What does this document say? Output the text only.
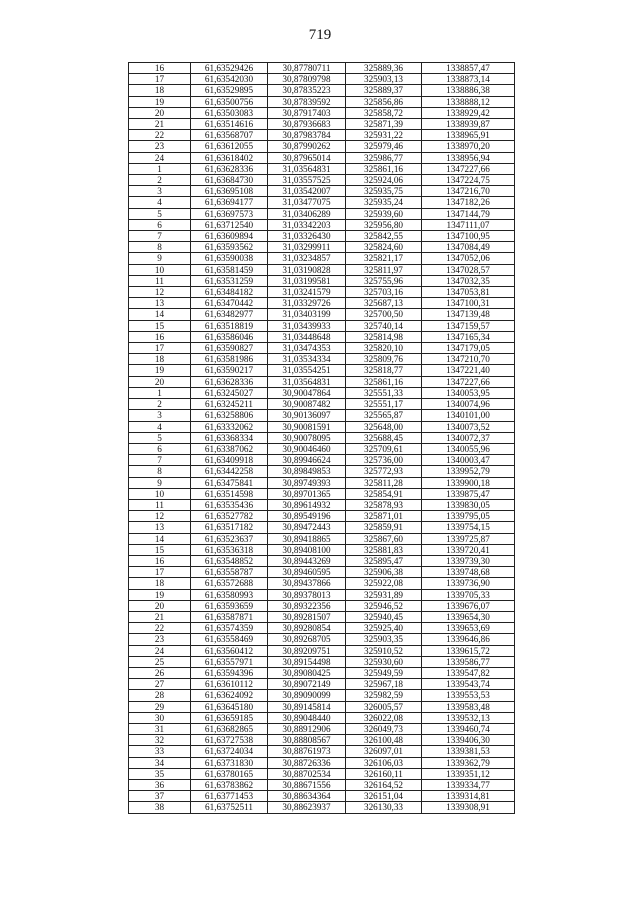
719
16	61,63529426	30,87780711	325889,36	1338857,47
17	61,63542030	30,87809798	325903,13	1338873,14
18	61,63529895	30,87835223	325889,37	1338886,38
19	61,63500756	30,87839592	325856,86	1338888,12
20	61,63503083	30,87917403	325858,72	1338929,42
21	61,63514616	30,87936683	325871,39	1338939,87
22	61,63568707	30,87983784	325931,22	1338965,91
23	61,63612055	30,87990262	325979,46	1338970,20
24	61,63618402	30,87965014	325986,77	1338956,94
1	61,63628336	31,03564831	325861,16	1347227,66
2	61,63684730	31,03557525	325924,06	1347224,75
3	61,63695108	31,03542007	325935,75	1347216,70
4	61,63694177	31,03477075	325935,24	1347182,26
5	61,63697573	31,03406289	325939,60	1347144,79
6	61,63712540	31,03342203	325956,80	1347111,07
7	61,63609894	31,03326430	325842,55	1347100,95
8	61,63593562	31,03299911	325824,60	1347084,49
9	61,63590038	31,03234857	325821,17	1347052,06
10	61,63581459	31,03190828	325811,97	1347028,57
11	61,63531259	31,03199581	325755,96	1347032,35
12	61,63484182	31,03241579	325703,16	1347053,81
13	61,63470442	31,03329726	325687,13	1347100,31
14	61,63482977	31,03403199	325700,50	1347139,48
15	61,63518819	31,03439933	325740,14	1347159,57
16	61,63586046	31,03448648	325814,98	1347165,34
17	61,63590827	31,03474353	325820,10	1347179,05
18	61,63581986	31,03534334	325809,76	1347210,70
19	61,63590217	31,03554251	325818,77	1347221,40
20	61,63628336	31,03564831	325861,16	1347227,66
1	61,63245027	30,90047864	325551,33	1340053,95
2	61,63245211	30,90087482	325551,17	1340074,96
3	61,63258806	30,90136097	325565,87	1340101,00
4	61,63332062	30,90081591	325648,00	1340073,52
5	61,63368334	30,90078095	325688,45	1340072,37
6	61,63387062	30,90046460	325709,61	1340055,96
7	61,63409918	30,89946624	325736,00	1340003,47
8	61,63442258	30,89849853	325772,93	1339952,79
9	61,63475841	30,89749393	325811,28	1339900,18
10	61,63514598	30,89701365	325854,91	1339875,47
11	61,63535436	30,89614932	325878,93	1339830,05
12	61,63527782	30,89549196	325871,01	1339795,05
13	61,63517182	30,89472443	325859,91	1339754,15
14	61,63523637	30,89418865	325867,60	1339725,87
15	61,63536318	30,89408100	325881,83	1339720,41
16	61,63548852	30,89443269	325895,47	1339739,30
17	61,63558787	30,89460595	325906,38	1339748,68
18	61,63572688	30,89437866	325922,08	1339736,90
19	61,63580993	30,89378013	325931,89	1339705,33
20	61,63593659	30,89322356	325946,52	1339676,07
21	61,63587871	30,89281507	325940,45	1339654,30
22	61,63574359	30,89280854	325925,40	1339653,69
23	61,63558469	30,89268705	325903,35	1339646,86
24	61,63560412	30,89209751	325910,52	1339615,72
25	61,63557971	30,89154498	325930,60	1339586,77
26	61,63594396	30,89080425	325949,59	1339547,82
27	61,63610112	30,89072149	325967,18	1339543,74
28	61,63624092	30,89090099	325982,59	1339553,53
29	61,63645180	30,89145814	326005,57	1339583,48
30	61,63659185	30,89048440	326022,08	1339532,13
31	61,63682865	30,88912906	326049,73	1339460,74
32	61,63727538	30,88808567	326100,48	1339406,30
33	61,63724034	30,88761973	326097,01	1339381,53
34	61,63731830	30,88726336	326106,03	1339362,79
35	61,63780165	30,88702534	326160,11	1339351,12
36	61,63783862	30,88671556	326164,52	1339334,77
37	61,63771453	30,88634364	326151,04	1339314,81
38	61,63752511	30,88623937	326130,33	1339308,91
